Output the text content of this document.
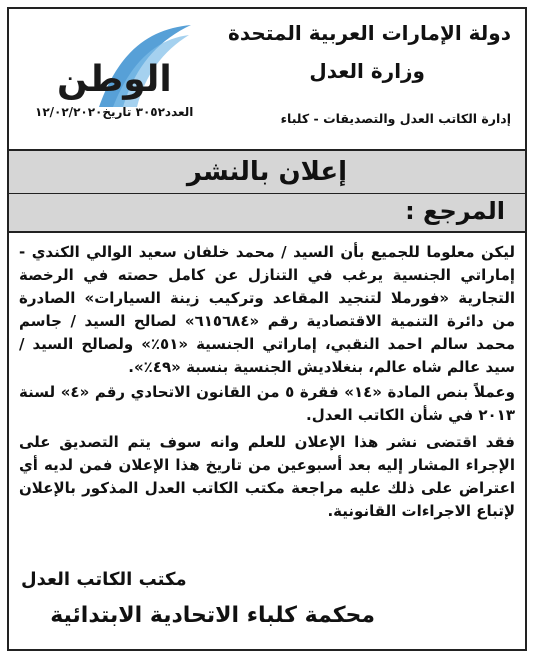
دولة الإمارات العربية المتحدة
وزارة العدل
إدارة الكاتب العدل والتصديقات - كلباء
الوطن
العدد٣٠٥٢ تاريخ١٢/٠٢/٢٠٢٠
إعلان بالنشر
المرجع :

ليكن معلوما للجميع بأن السيد / محمد خلفان سعيد الوالي الكندي - إماراتي الجنسية يرغب في التنازل عن كامل حصته في الرخصة التجارية «فورملا لتنجيد المقاعد وتركيب زينة السيارات» الصادرة من دائرة التنمية الاقتصادية رقم «٦١٥٦٨٤» لصالح السيد / جاسم محمد سالم احمد النقبي، إماراتي الجنسية «٥١٪» ولصالح السيد / سيد عالم شاه عالم، بنغلاديش الجنسية بنسبة «٤٩٪».

وعملاً بنص المادة «١٤» فقرة ٥ من القانون الاتحادي رقم «٤» لسنة ٢٠١٣ في شأن الكاتب العدل.

فقد اقتضى نشر هذا الإعلان للعلم وانه سوف يتم التصديق على الإجراء المشار إليه بعد أسبوعين من تاريخ هذا الإعلان فمن لديه أي اعتراض على ذلك عليه مراجعة مكتب الكاتب العدل المذكور بالإعلان لإتباع الاجراءات القانونية.

مكتب الكاتب العدل
محكمة كلباء الاتحادية الابتدائية
